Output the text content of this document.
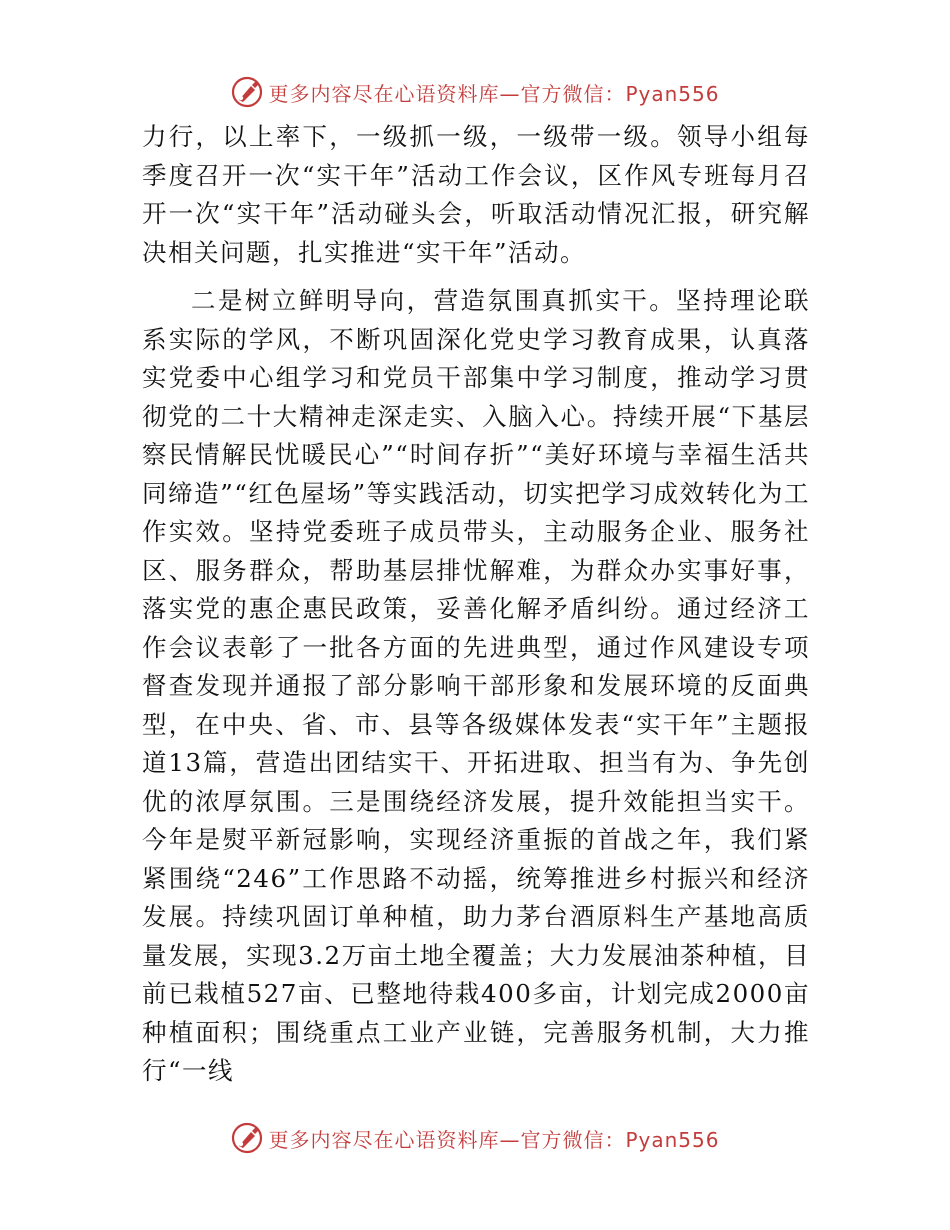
更多内容尽在心语资料库—官方微信：Pyan556

力行，以上率下，一级抓一级，一级带一级。领导小组每季度召开一次“实干年”活动工作会议，区作风专班每月召开一次“实干年”活动碰头会，听取活动情况汇报，研究解决相关问题，扎实推进“实干年”活动。

二是树立鲜明导向，营造氛围真抓实干。坚持理论联系实际的学风，不断巩固深化党史学习教育成果，认真落实党委中心组学习和党员干部集中学习制度，推动学习贯彻党的二十大精神走深走实、入脑入心。持续开展“下基层察民情解民忧暖民心”“时间存折”“美好环境与幸福生活共同缔造”“红色屋场”等实践活动，切实把学习成效转化为工作实效。坚持党委班子成员带头，主动服务企业、服务社区、服务群众，帮助基层排忧解难，为群众办实事好事，落实党的惠企惠民政策，妥善化解矛盾纠纷。通过经济工作会议表彰了一批各方面的先进典型，通过作风建设专项督查发现并通报了部分影响干部形象和发展环境的反面典型，在中央、省、市、县等各级媒体发表“实干年”主题报道13篇，营造出团结实干、开拓进取、担当有为、争先创优的浓厚氛围。三是围绕经济发展，提升效能担当实干。今年是熨平新冠影响，实现经济重振的首战之年，我们紧紧围绕“246”工作思路不动摇，统筹推进乡村振兴和经济发展。持续巩固订单种植，助力茅台酒原料生产基地高质量发展，实现3.2万亩土地全覆盖；大力发展油茶种植，目前已栽植527亩、已整地待栽400多亩，计划完成2000亩种植面积；围绕重点工业产业链，完善服务机制，大力推行“一线

更多内容尽在心语资料库—官方微信：Pyan556
